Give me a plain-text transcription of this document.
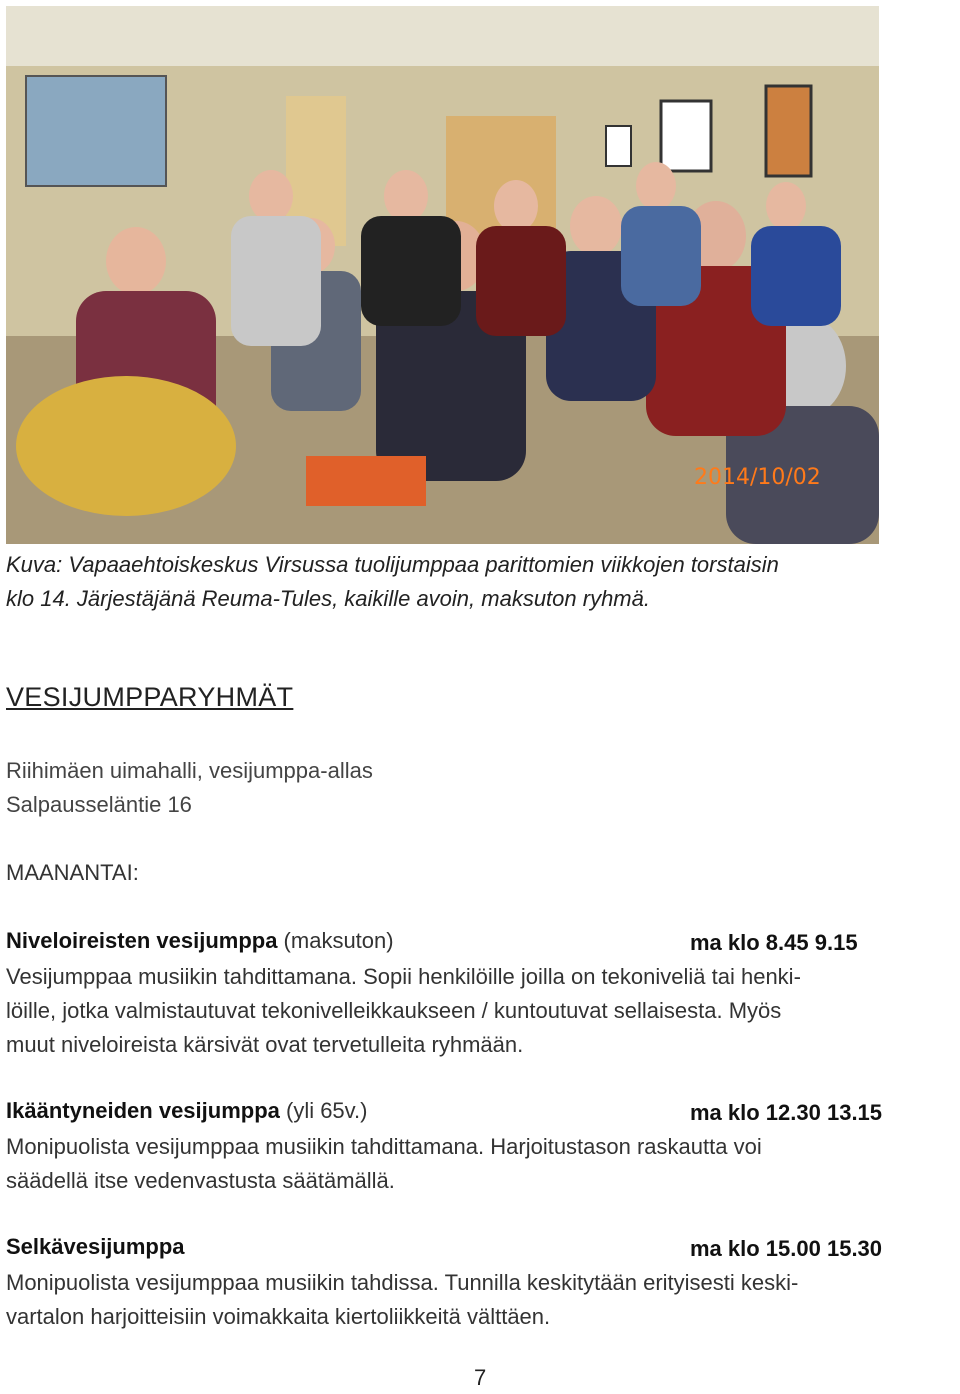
2014/10/02
Kuva: Vapaaehtoiskeskus Virsussa tuolijumppaa parittomien viikkojen torstaisin
klo 14. Järjestäjänä Reuma-Tules, kaikille avoin, maksuton ryhmä.
VESIJUMPPARYHMÄT
Riihimäen uimahalli, vesijumppa-allas
Salpausseläntie 16
MAANANTAI:
Niveloireisten vesijumppa (maksuton)	ma klo 8.45 9.15
Vesijumppaa musiikin tahdittamana. Sopii henkilöille joilla on tekoniveliä tai henki-
löille, jotka valmistautuvat tekonivelleikkaukseen / kuntoutuvat sellaisesta. Myös
muut niveloireista kärsivät ovat tervetulleita ryhmään.
Ikääntyneiden vesijumppa (yli 65v.)	ma klo 12.30 13.15
Monipuolista vesijumppaa musiikin tahdittamana. Harjoitustason raskautta voi
säädellä itse vedenvastusta säätämällä.
Selkävesijumppa	ma klo 15.00 15.30
Monipuolista vesijumppaa musiikin tahdissa. Tunnilla keskitytään erityisesti keski-
vartalon harjoitteisiin voimakkaita kiertoliikkeitä välttäen.
7
